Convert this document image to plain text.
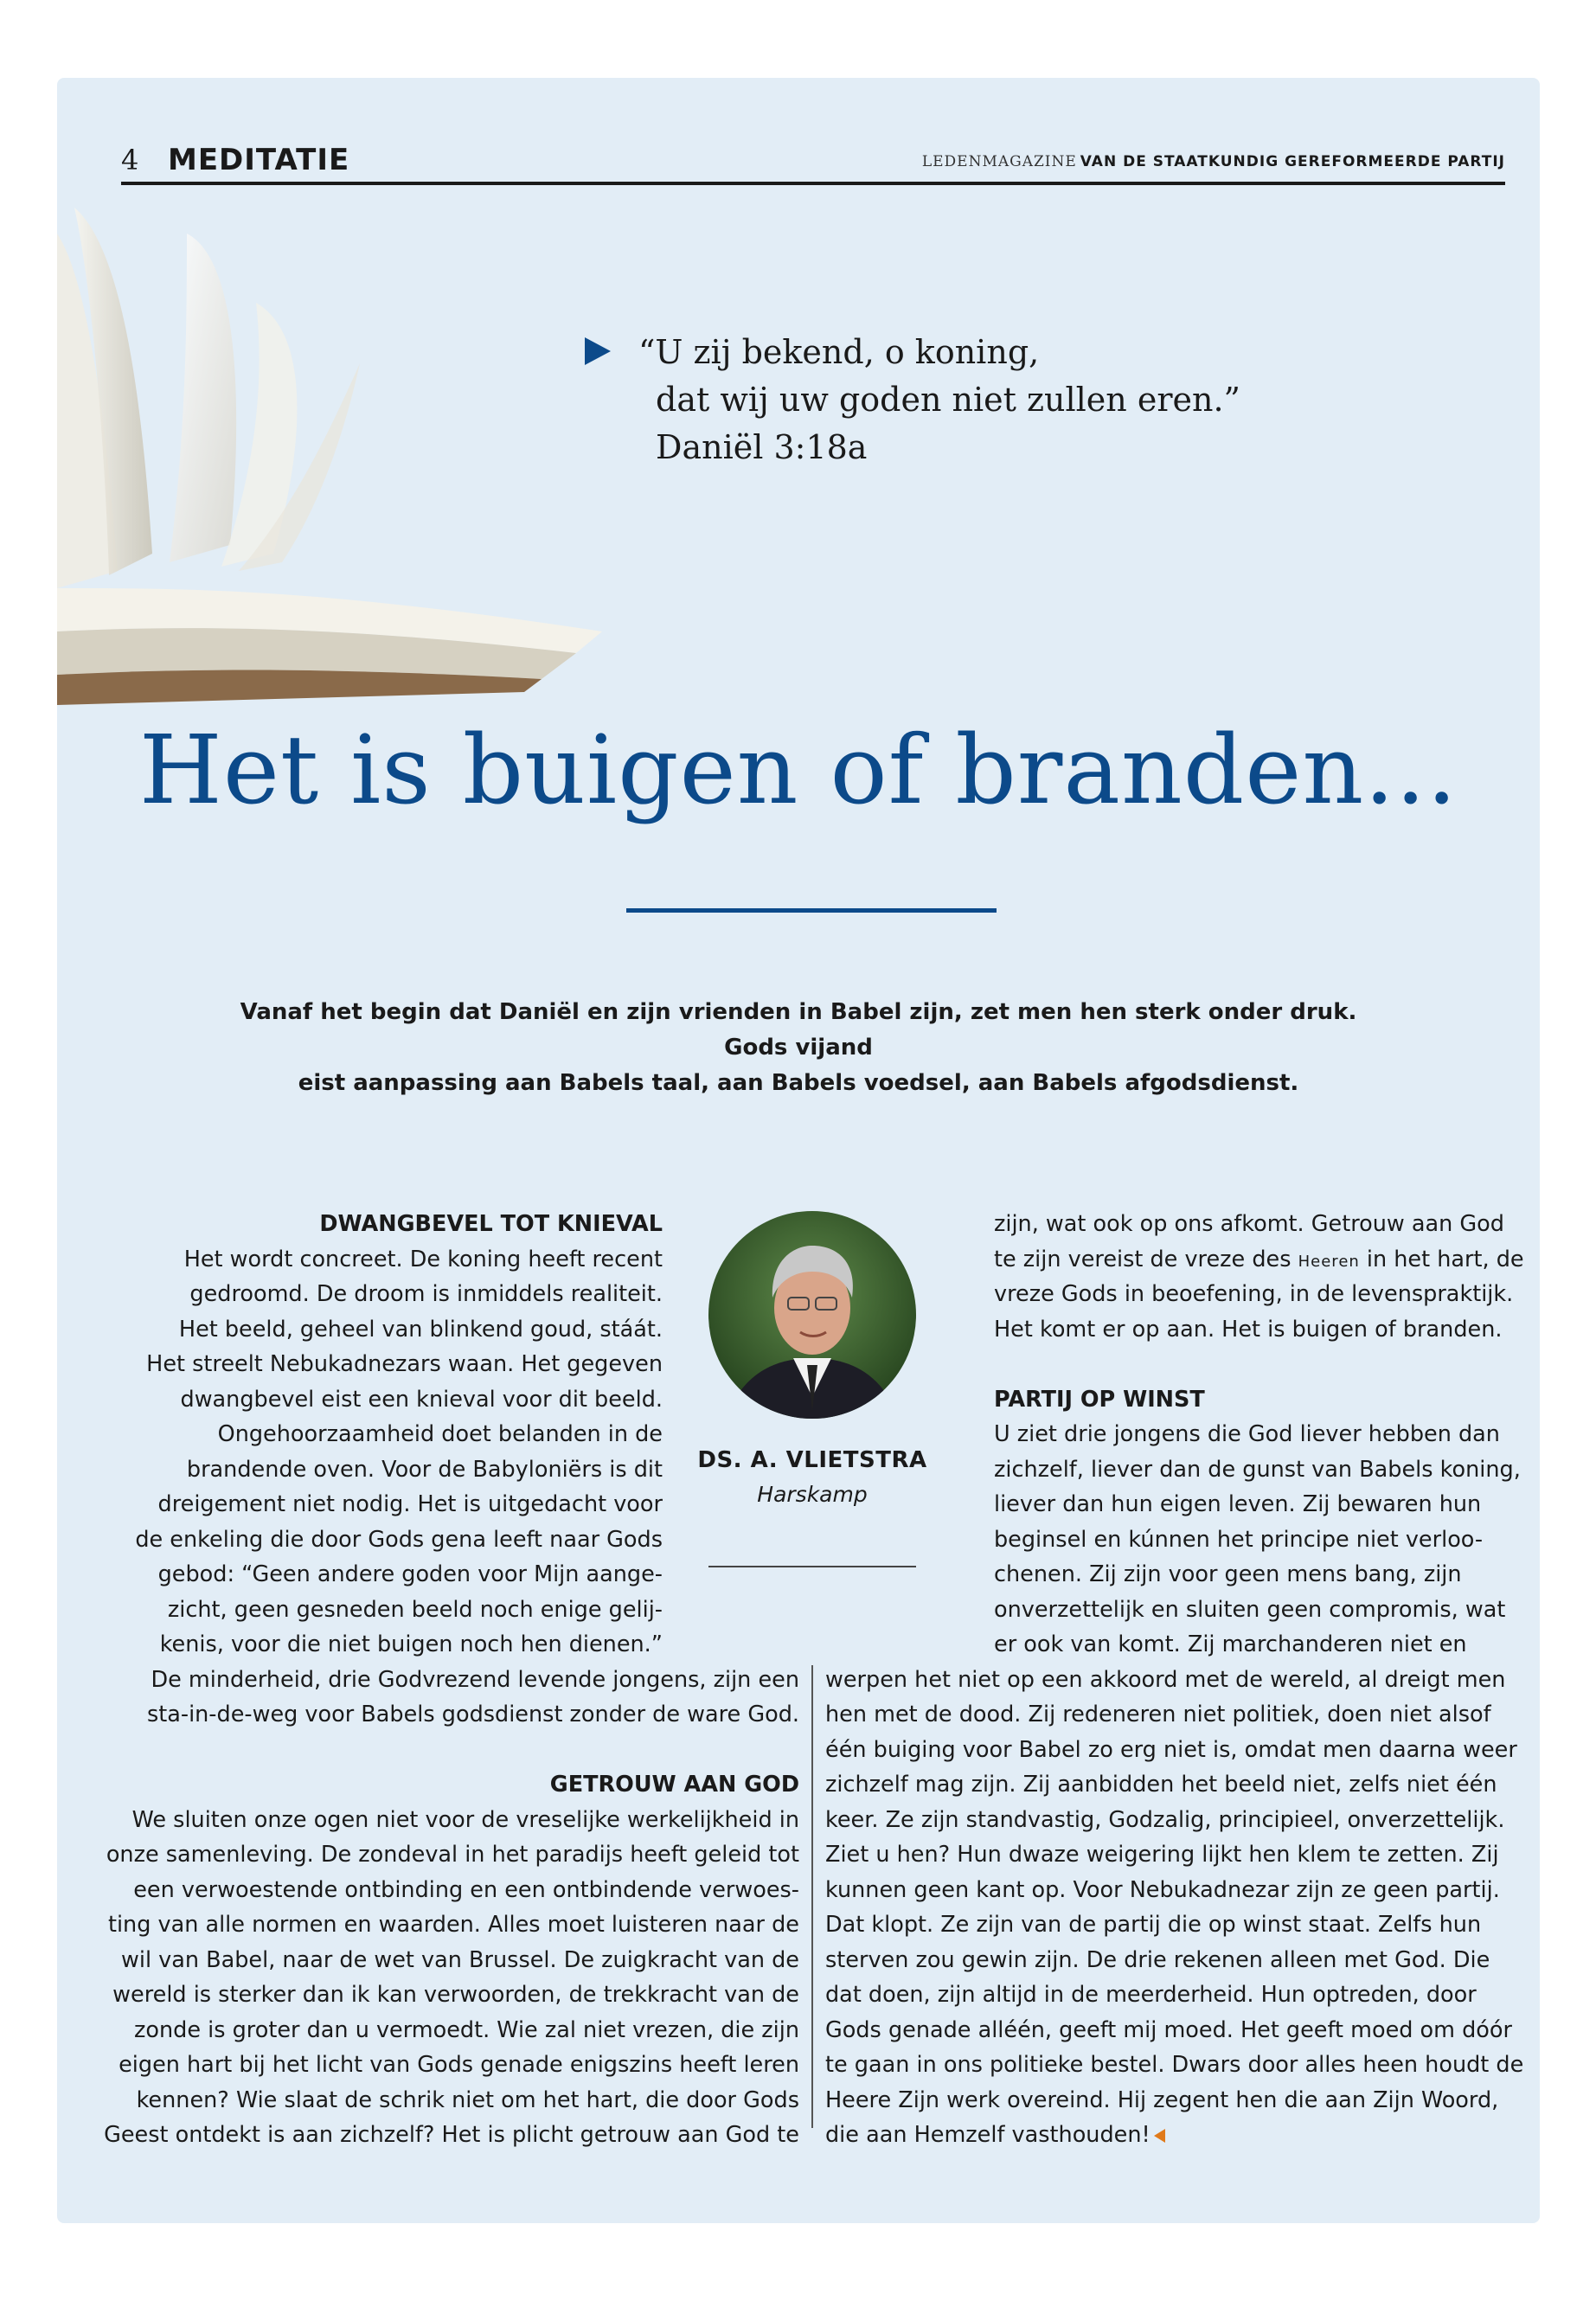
4 MEDITATIE	LEDENMAGAZINE VAN DE STAATKUNDIG GEREFORMEERDE PARTIJ
“U zij bekend, o koning,
dat wij uw goden niet zullen eren.”
Daniël 3:18a
Het is buigen of branden...
Vanaf het begin dat Daniël en zijn vrienden in Babel zijn, zet men hen sterk onder druk. Gods vijand
eist aanpassing aan Babels taal, aan Babels voedsel, aan Babels afgodsdienst.
DWANGBEVEL TOT KNIEVAL
Het wordt concreet. De koning heeft recent
gedroomd. De droom is inmiddels realiteit.
Het beeld, geheel van blinkend goud, stáát.
Het streelt Nebukadnezars waan. Het gegeven
dwangbevel eist een knieval voor dit beeld.
Ongehoorzaamheid doet belanden in de
brandende oven. Voor de Babyloniërs is dit
dreigement niet nodig. Het is uitgedacht voor
de enkeling die door Gods gena leeft naar Gods
gebod: “Geen andere goden voor Mijn aange-
zicht, geen gesneden beeld noch enige gelij-
kenis, voor die niet buigen noch hen dienen.”
De minderheid, drie Godvrezend levende jongens, zijn een
sta-in-de-weg voor Babels godsdienst zonder de ware God.
GETROUW AAN GOD
We sluiten onze ogen niet voor de vreselijke werkelijkheid in
onze samenleving. De zondeval in het paradijs heeft geleid tot
een verwoestende ontbinding en een ontbindende verwoes-
ting van alle normen en waarden. Alles moet luisteren naar de
wil van Babel, naar de wet van Brussel. De zuigkracht van de
wereld is sterker dan ik kan verwoorden, de trekkracht van de
zonde is groter dan u vermoedt. Wie zal niet vrezen, die zijn
eigen hart bij het licht van Gods genade enigszins heeft leren
kennen? Wie slaat de schrik niet om het hart, die door Gods
Geest ontdekt is aan zichzelf? Het is plicht getrouw aan God te
DS. A. VLIETSTRA
Harskamp
zijn, wat ook op ons afkomt. Getrouw aan God
te zijn vereist de vreze des Heeren in het hart, de
vreze Gods in beoefening, in de levenspraktijk.
Het komt er op aan. Het is buigen of branden.
PARTIJ OP WINST
U ziet drie jongens die God liever hebben dan
zichzelf, liever dan de gunst van Babels koning,
liever dan hun eigen leven. Zij bewaren hun
beginsel en kúnnen het principe niet verloo-
chenen. Zij zijn voor geen mens bang, zijn
onverzettelijk en sluiten geen compromis, wat
er ook van komt. Zij marchanderen niet en
werpen het niet op een akkoord met de wereld, al dreigt men
hen met de dood. Zij redeneren niet politiek, doen niet alsof
één buiging voor Babel zo erg niet is, omdat men daarna weer
zichzelf mag zijn. Zij aanbidden het beeld niet, zelfs niet één
keer. Ze zijn standvastig, Godzalig, principieel, onverzettelijk.
Ziet u hen? Hun dwaze weigering lijkt hen klem te zetten. Zij
kunnen geen kant op. Voor Nebukadnezar zijn ze geen partij.
Dat klopt. Ze zijn van de partij die op winst staat. Zelfs hun
sterven zou gewin zijn. De drie rekenen alleen met God. Die
dat doen, zijn altijd in de meerderheid. Hun optreden, door
Gods genade alléén, geeft mij moed. Het geeft moed om dóór
te gaan in ons politieke bestel. Dwars door alles heen houdt de
Heere Zijn werk overeind. Hij zegent hen die aan Zijn Woord,
die aan Hemzelf vasthouden!
